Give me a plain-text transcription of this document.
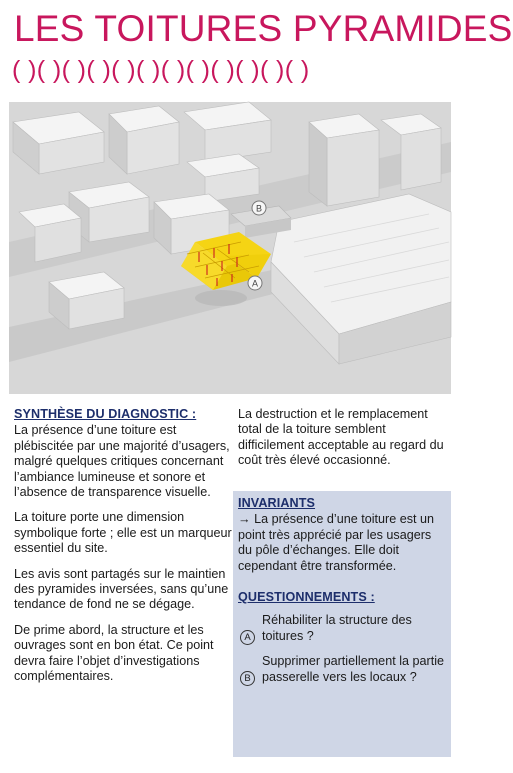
LES TOITURES PYRAMIDES
( )( )( )( )( )( )( )( )( )( )( )( )
B
A
SYNTHÈSE DU DIAGNOSTIC :

La présence d’une toiture est plébiscitée par une majorité d’usagers, malgré quelques critiques concernant l’ambiance lumineuse et sonore et l’absence de transparence visuelle.

La toiture porte une dimension symbolique forte ; elle est un marqueur essentiel du site.

Les avis sont partagés sur le maintien des pyramides inversées, sans qu’une tendance de fond ne se dégage.

De prime abord, la structure et les ouvrages sont en bon état. Ce point devra faire l’objet d’investigations complémentaires.

La destruction et le remplacement total de la toiture semblent difficilement acceptable au regard du coût très élevé occasionné.

INVARIANTS

→ La présence d’une toiture est un point très apprécié par les usagers du pôle d’échanges. Elle doit cependant être transformée.

QUESTIONNEMENTS :
A
Réhabiliter la structure des toitures ?
B
Supprimer partiellement la partie passerelle vers les locaux ?
